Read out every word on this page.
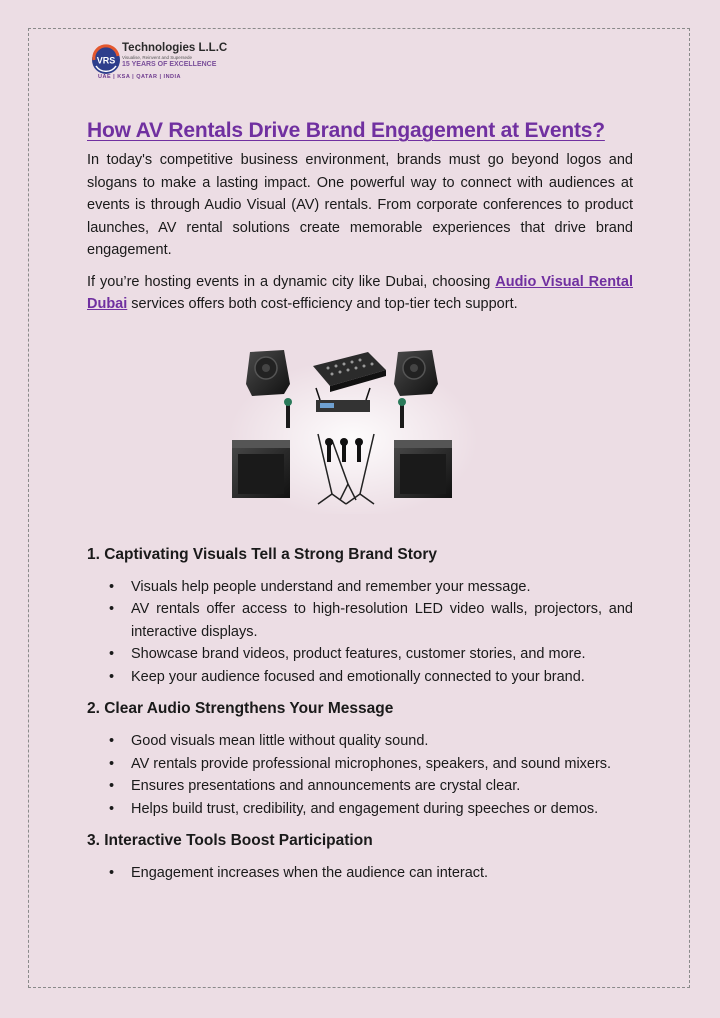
VRS
Technologies L.L.C
Visualise, Reinvent and Supersede
15 YEARS OF EXCELLENCE
UAE | KSA | QATAR | INDIA
How AV Rentals Drive Brand Engagement at Events?

In today's competitive business environment, brands must go beyond logos and slogans to make a lasting impact. One powerful way to connect with audiences at events is through Audio Visual (AV) rentals. From corporate conferences to product launches, AV rental solutions create memorable experiences that drive brand engagement.

If you’re hosting events in a dynamic city like Dubai, choosing Audio Visual Rental Dubai services offers both cost-efficiency and top-tier tech support.

1. Captivating Visuals Tell a Strong Brand Story
• Visuals help people understand and remember your message.
• AV rentals offer access to high-resolution LED video walls, projectors, and interactive displays.
• Showcase brand videos, product features, customer stories, and more.
• Keep your audience focused and emotionally connected to your brand.
2. Clear Audio Strengthens Your Message
• Good visuals mean little without quality sound.
• AV rentals provide professional microphones, speakers, and sound mixers.
• Ensures presentations and announcements are crystal clear.
• Helps build trust, credibility, and engagement during speeches or demos.
3. Interactive Tools Boost Participation
• Engagement increases when the audience can interact.
